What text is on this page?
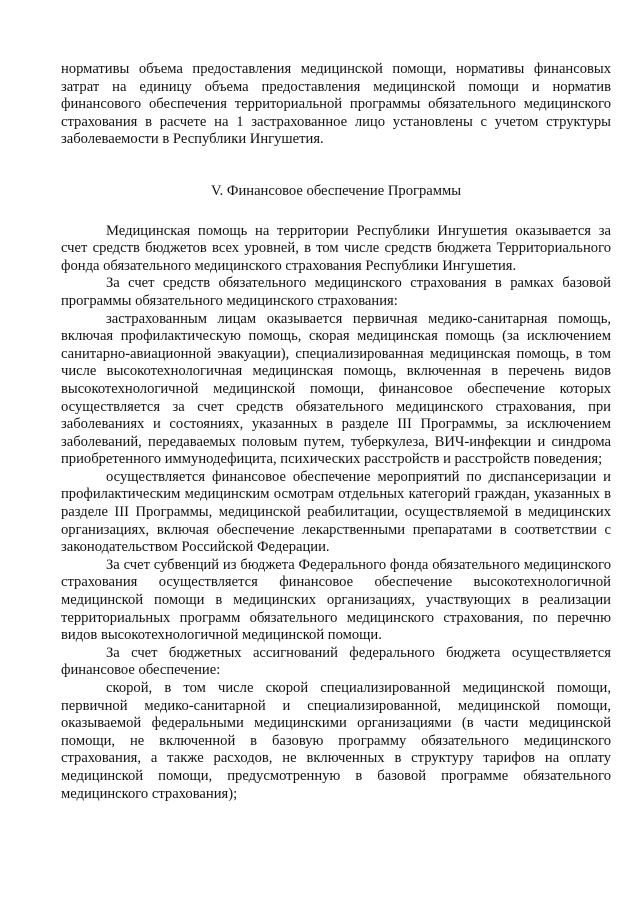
нормативы объема предоставления медицинской помощи, нормативы финансовых затрат на единицу объема предоставления медицинской помощи и норматив финансового обеспечения территориальной программы обязательного медицинского страхования в расчете на 1 застрахованное лицо установлены с учетом структуры заболеваемости в Республики Ингушетия.

V. Финансовое обеспечение Программы

Медицинская помощь на территории Республики Ингушетия оказывается за счет средств бюджетов всех уровней, в том числе средств бюджета Территориального фонда обязательного медицинского страхования Республики Ингушетия.

За счет средств обязательного медицинского страхования в рамках базовой программы обязательного медицинского страхования:

застрахованным лицам оказывается первичная медико-санитарная помощь, включая профилактическую помощь, скорая медицинская помощь (за исключением санитарно-авиационной эвакуации), специализированная медицинская помощь, в том числе высокотехнологичная медицинская помощь, включенная в перечень видов высокотехнологичной медицинской помощи, финансовое обеспечение которых осуществляется за счет средств обязательного медицинского страхования, при заболеваниях и состояниях, указанных в разделе III Программы, за исключением заболеваний, передаваемых половым путем, туберкулеза, ВИЧ-инфекции и синдрома приобретенного иммунодефицита, психических расстройств и расстройств поведения;

осуществляется финансовое обеспечение мероприятий по диспансеризации и профилактическим медицинским осмотрам отдельных категорий граждан, указанных в разделе III Программы, медицинской реабилитации, осуществляемой в медицинских организациях, включая обеспечение лекарственными препаратами в соответствии с законодательством Российской Федерации.

За счет субвенций из бюджета Федерального фонда обязательного медицинского страхования осуществляется финансовое обеспечение высокотехнологичной медицинской помощи в медицинских организациях, участвующих в реализации территориальных программ обязательного медицинского страхования, по перечню видов высокотехнологичной медицинской помощи.

За счет бюджетных ассигнований федерального бюджета осуществляется финансовое обеспечение:

скорой, в том числе скорой специализированной медицинской помощи, первичной медико-санитарной и специализированной, медицинской помощи, оказываемой федеральными медицинскими организациями (в части медицинской помощи, не включенной в базовую программу обязательного медицинского страхования, а также расходов, не включенных в структуру тарифов на оплату медицинской помощи, предусмотренную в базовой программе обязательного медицинского страхования);
